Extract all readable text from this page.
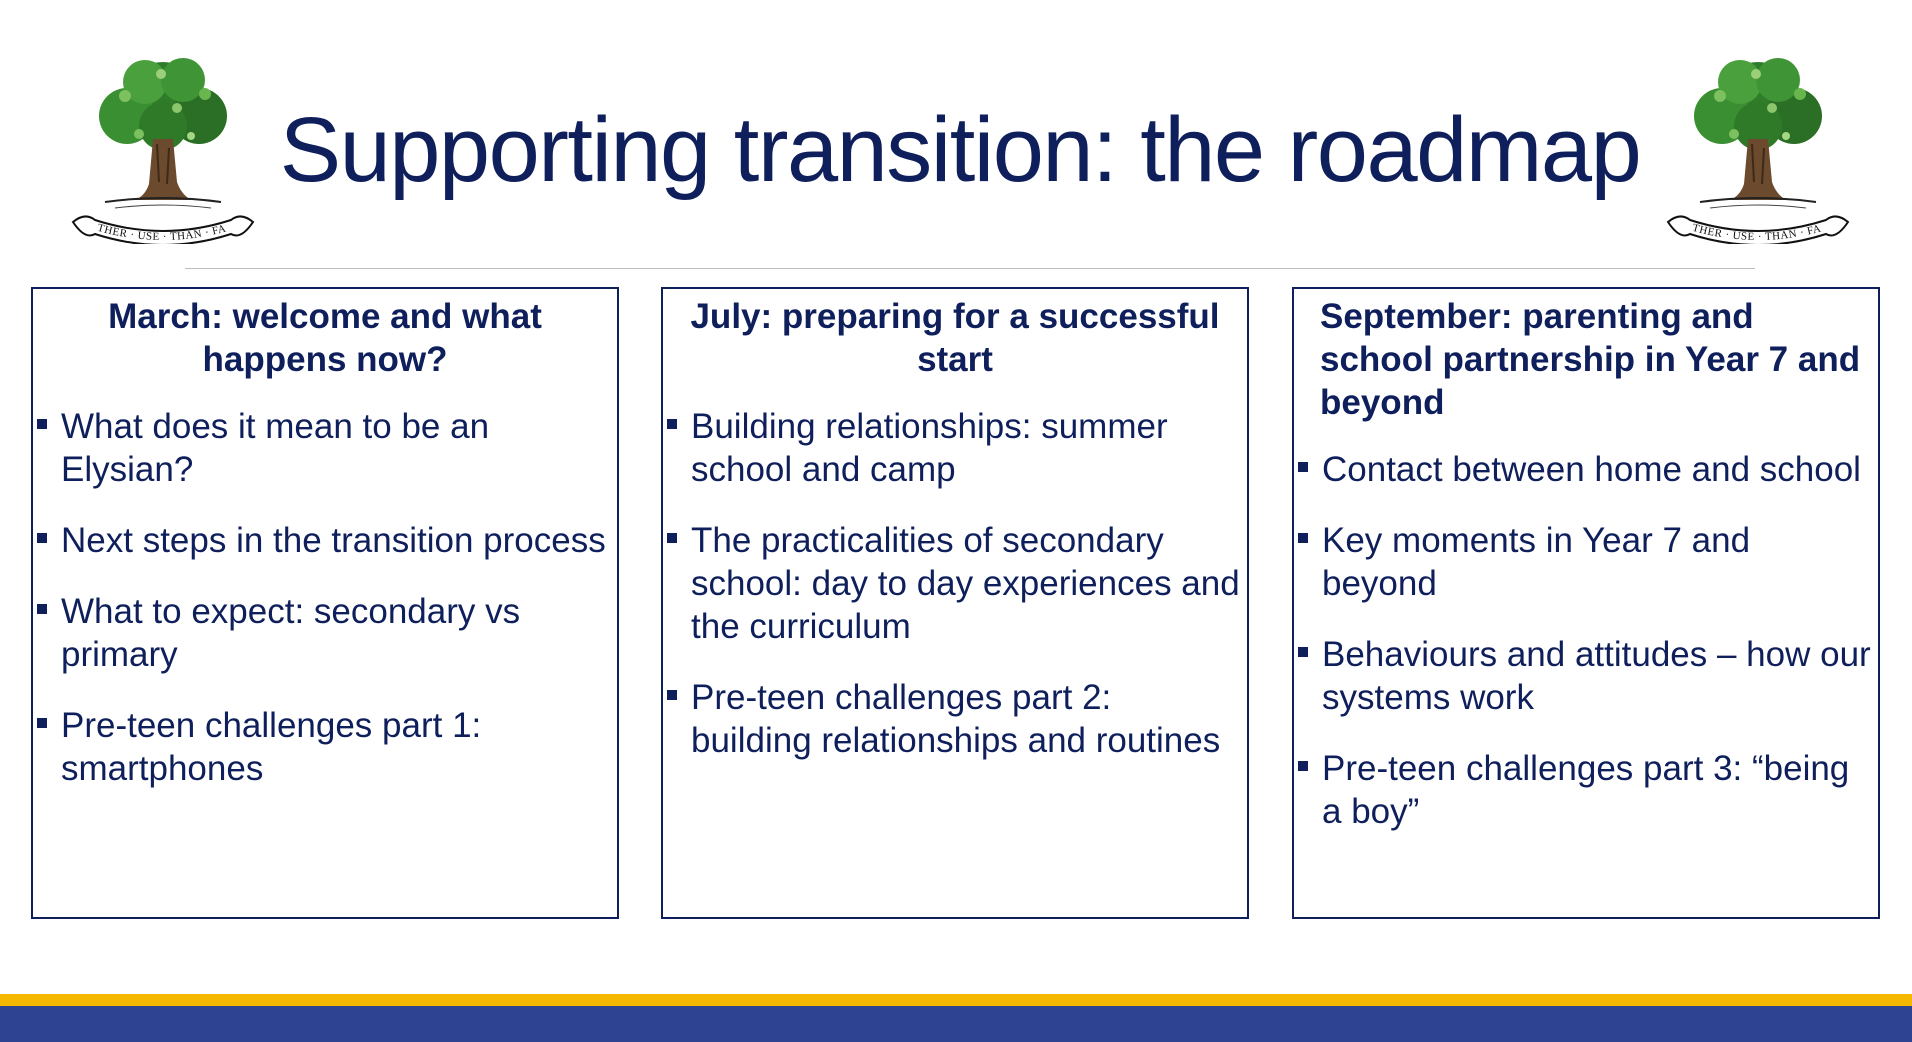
THER · USE · THAN · FA	THER · USE · THAN · FA
Supporting transition: the roadmap
March: welcome and what happens now?
What does it mean to be an Elysian?
Next steps in the transition process
What to expect: secondary vs primary
Pre-teen challenges part 1: smartphones
July: preparing for a successful start
Building relationships: summer school and camp
The practicalities of secondary school: day to day experiences and the curriculum
Pre-teen challenges part 2: building relationships and routines
September: parenting and school partnership in Year 7 and beyond
Contact between home and school
Key moments in Year 7 and beyond
Behaviours and attitudes – how our systems work
Pre-teen challenges part 3: “being a boy”
